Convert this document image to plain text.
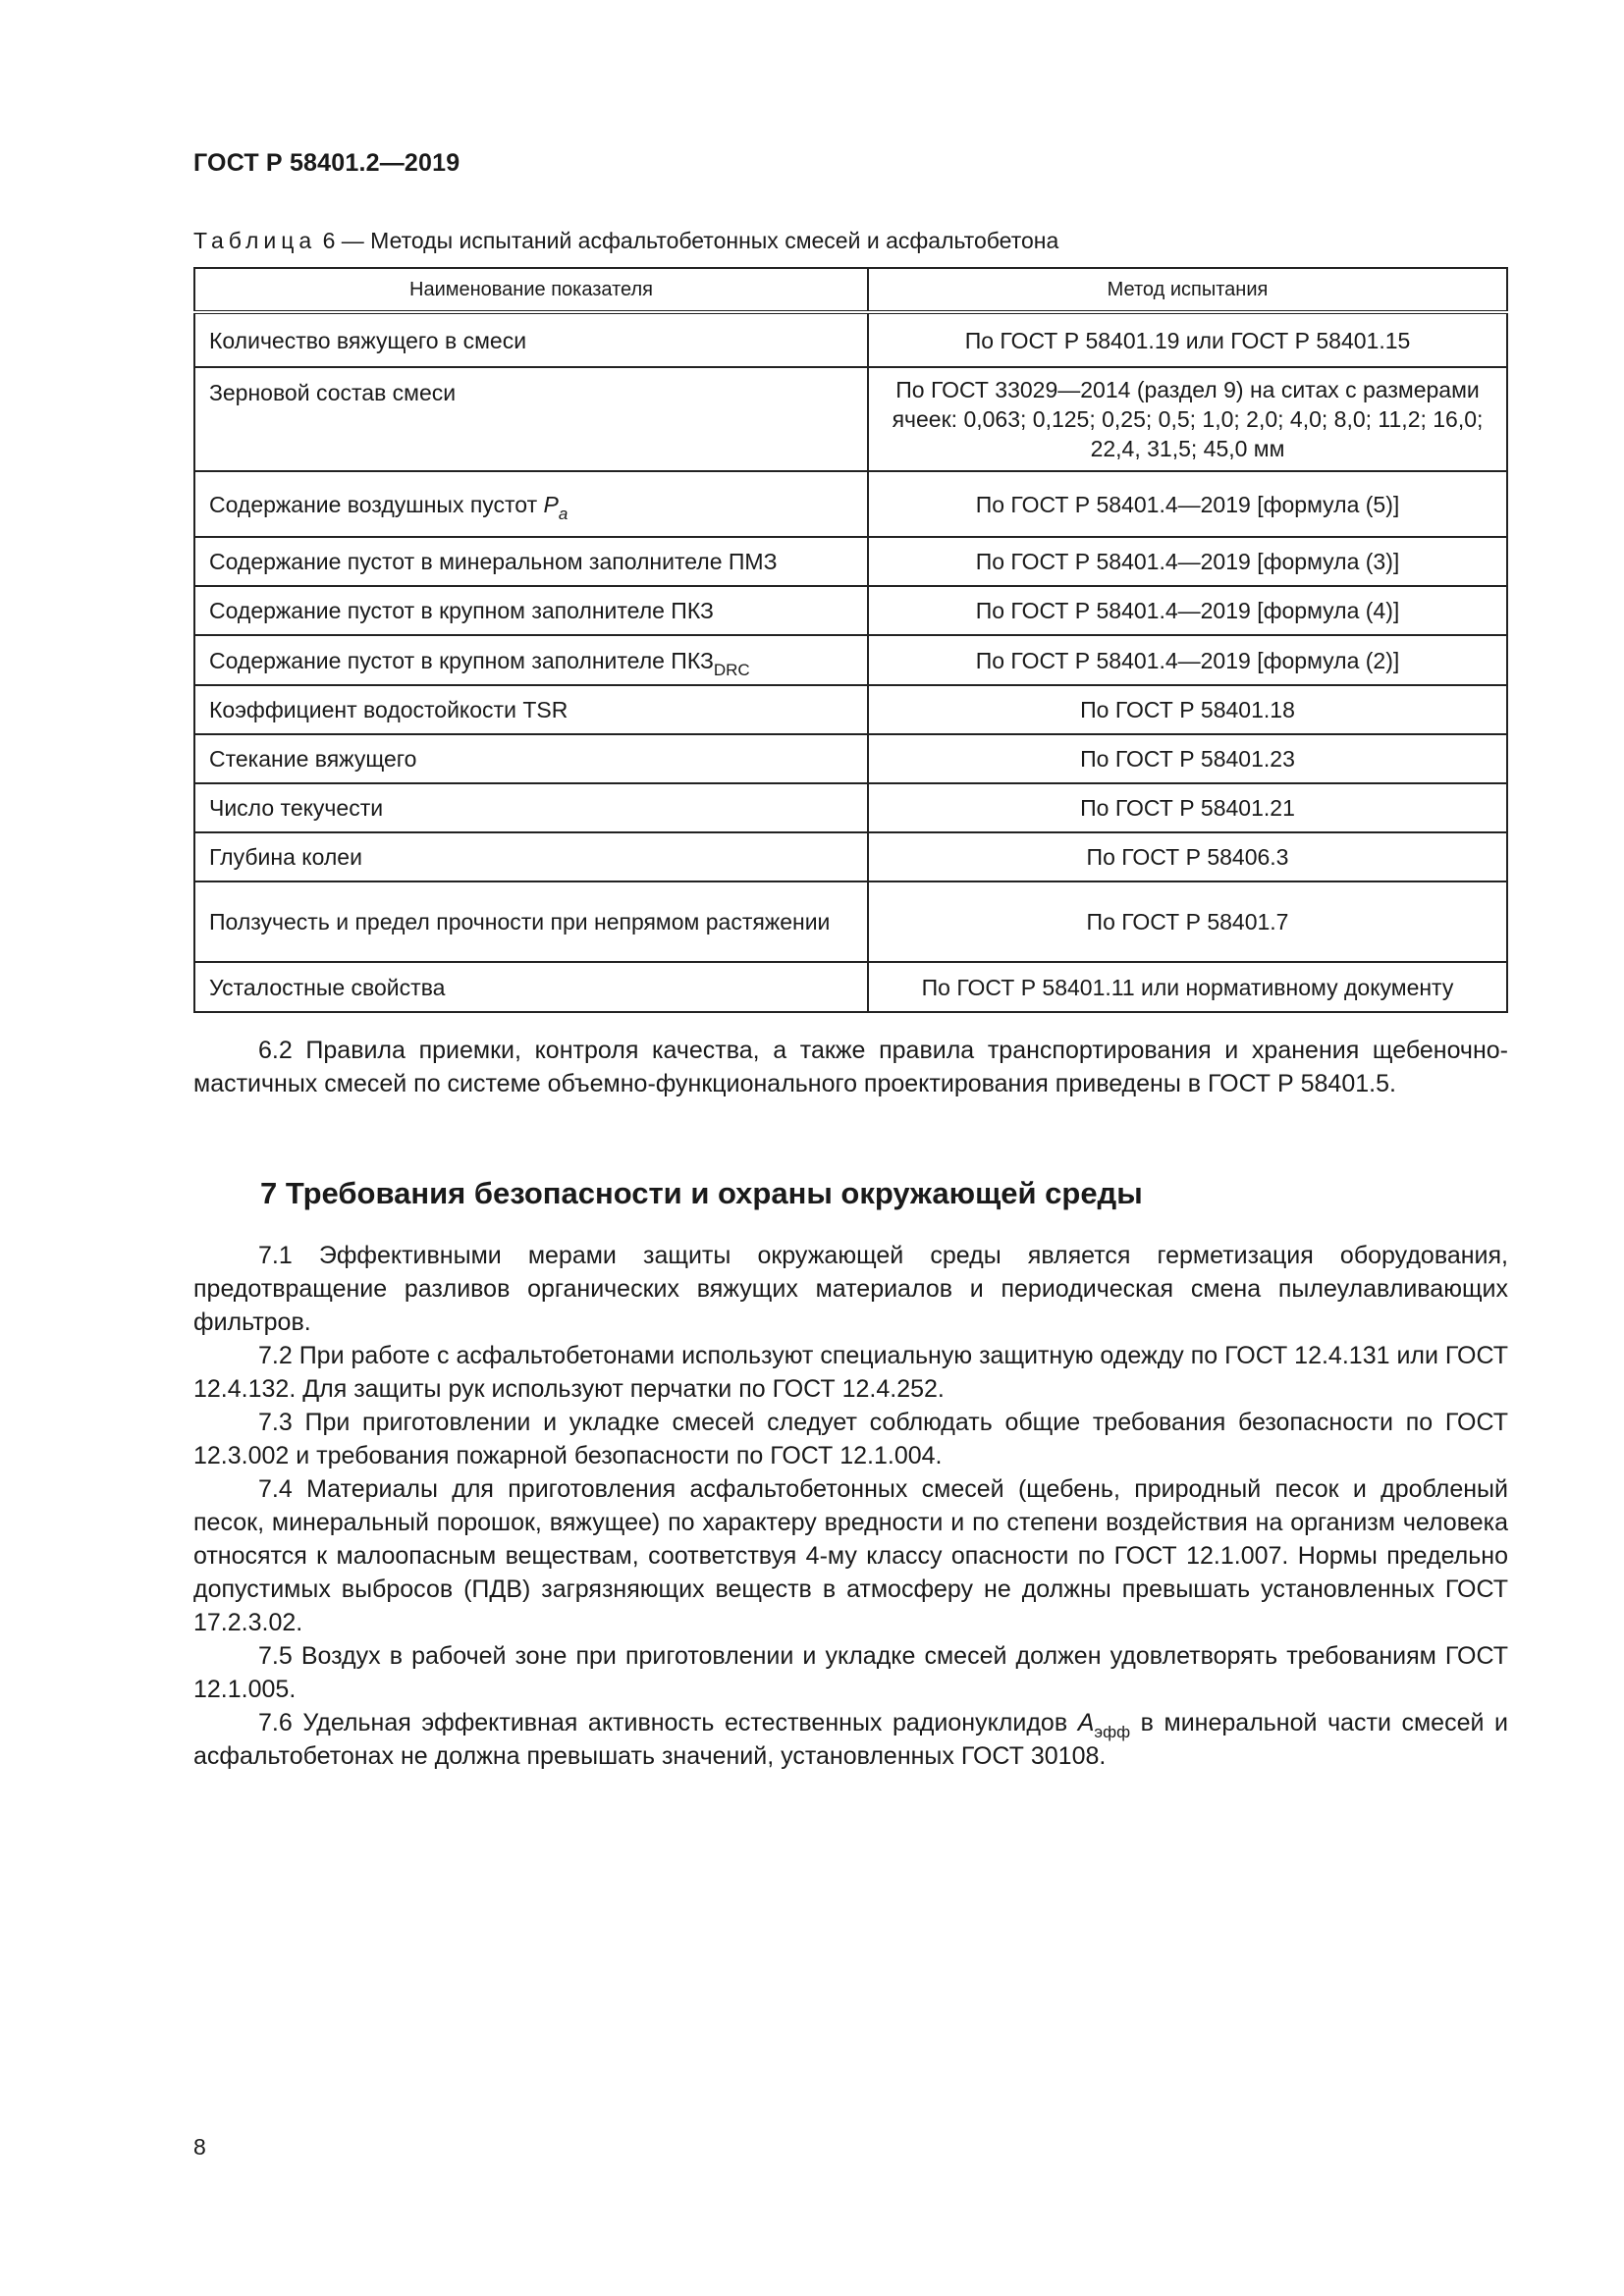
ГОСТ Р 58401.2—2019
Таблица 6 — Методы испытаний асфальтобетонных смесей и асфальтобетона
Наименование показателя	Метод испытания
Количество вяжущего в смеси	По ГОСТ Р 58401.19 или ГОСТ Р 58401.15
Зерновой состав смеси	По ГОСТ 33029—2014 (раздел 9) на ситах с размерами ячеек: 0,063; 0,125; 0,25; 0,5; 1,0; 2,0; 4,0; 8,0; 11,2; 16,0; 22,4, 31,5; 45,0 мм
Содержание воздушных пустот $P_a$	По ГОСТ Р 58401.4—2019 [формула (5)]
Содержание пустот в минеральном заполнителе ПМЗ	По ГОСТ Р 58401.4—2019 [формула (3)]
Содержание пустот в крупном заполнителе ПКЗ	По ГОСТ Р 58401.4—2019 [формула (4)]
Содержание пустот в крупном заполнителе $ПКЗ_{DRC}$	По ГОСТ Р 58401.4—2019 [формула (2)]
Коэффициент водостойкости TSR	По ГОСТ Р 58401.18
Стекание вяжущего	По ГОСТ Р 58401.23
Число текучести	По ГОСТ Р 58401.21
Глубина колеи	По ГОСТ Р 58406.3
Ползучесть и предел прочности при непрямом растяжении	По ГОСТ Р 58401.7
Усталостные свойства	По ГОСТ Р 58401.11 или нормативному документу

6.2 Правила приемки, контроля качества, а также правила транспортирования и хранения щебеночно-мастичных смесей по системе объемно-функционального проектирования приведены в ГОСТ Р 58401.5.

7 Требования безопасности и охраны окружающей среды

7.1 Эффективными мерами защиты окружающей среды является герметизация оборудования, предотвращение разливов органических вяжущих материалов и периодическая смена пылеулавливающих фильтров.

7.2 При работе с асфальтобетонами используют специальную защитную одежду по ГОСТ 12.4.131 или ГОСТ 12.4.132. Для защиты рук используют перчатки по ГОСТ 12.4.252.

7.3 При приготовлении и укладке смесей следует соблюдать общие требования безопасности по ГОСТ 12.3.002 и требования пожарной безопасности по ГОСТ 12.1.004.

7.4 Материалы для приготовления асфальтобетонных смесей (щебень, природный песок и дробленый песок, минеральный порошок, вяжущее) по характеру вредности и по степени воздействия на организм человека относятся к малоопасным веществам, соответствуя 4-му классу опасности по ГОСТ 12.1.007. Нормы предельно допустимых выбросов (ПДВ) загрязняющих веществ в атмосферу не должны превышать установленных ГОСТ 17.2.3.02.

7.5 Воздух в рабочей зоне при приготовлении и укладке смесей должен удовлетворять требованиям ГОСТ 12.1.005.

7.6 Удельная эффективная активность естественных радионуклидов $A_{эфф}$ в минеральной части смесей и асфальтобетонах не должна превышать значений, установленных ГОСТ 30108.

8
